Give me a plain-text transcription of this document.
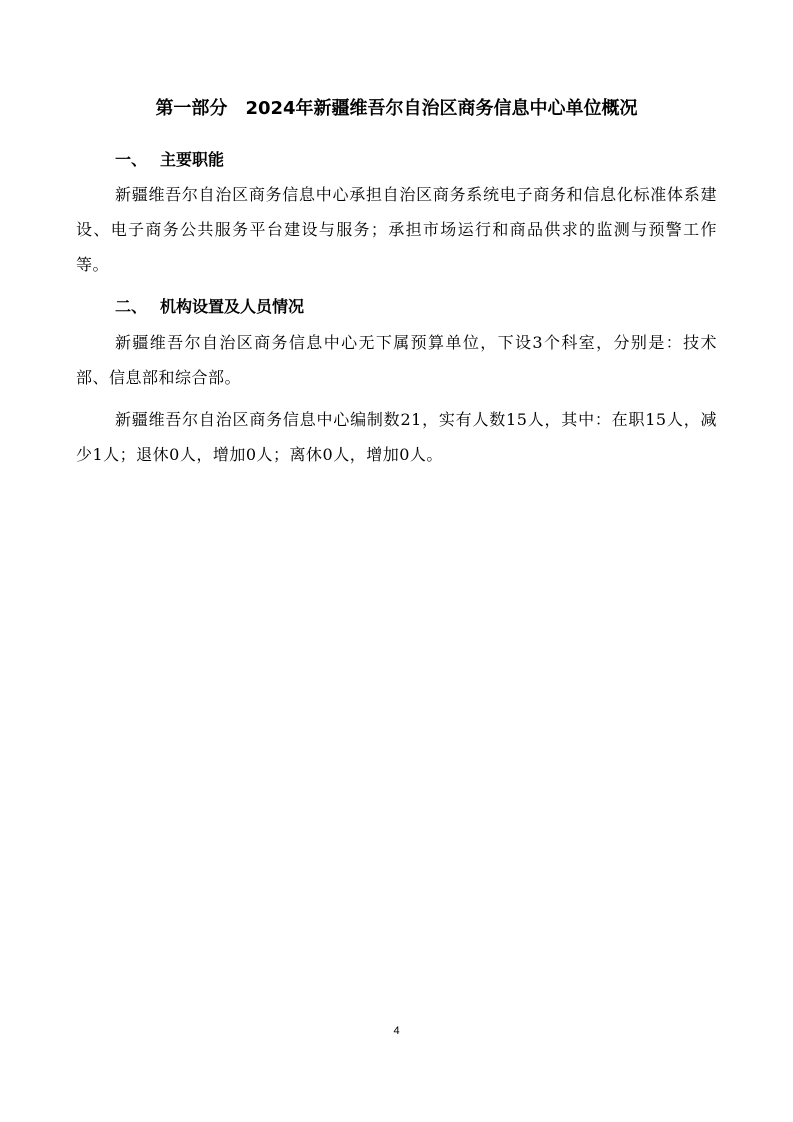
第一部分 2024年新疆维吾尔自治区商务信息中心单位概况
一、 主要职能

新疆维吾尔自治区商务信息中心承担自治区商务系统电子商务和信息化标准体系建设、电子商务公共服务平台建设与服务；承担市场运行和商品供求的监测与预警工作等。

二、 机构设置及人员情况

新疆维吾尔自治区商务信息中心无下属预算单位，下设3个科室，分别是：技术部、信息部和综合部。

新疆维吾尔自治区商务信息中心编制数21，实有人数15人，其中：在职15人，减少1人；退休0人，增加0人；离休0人，增加0人。

4
